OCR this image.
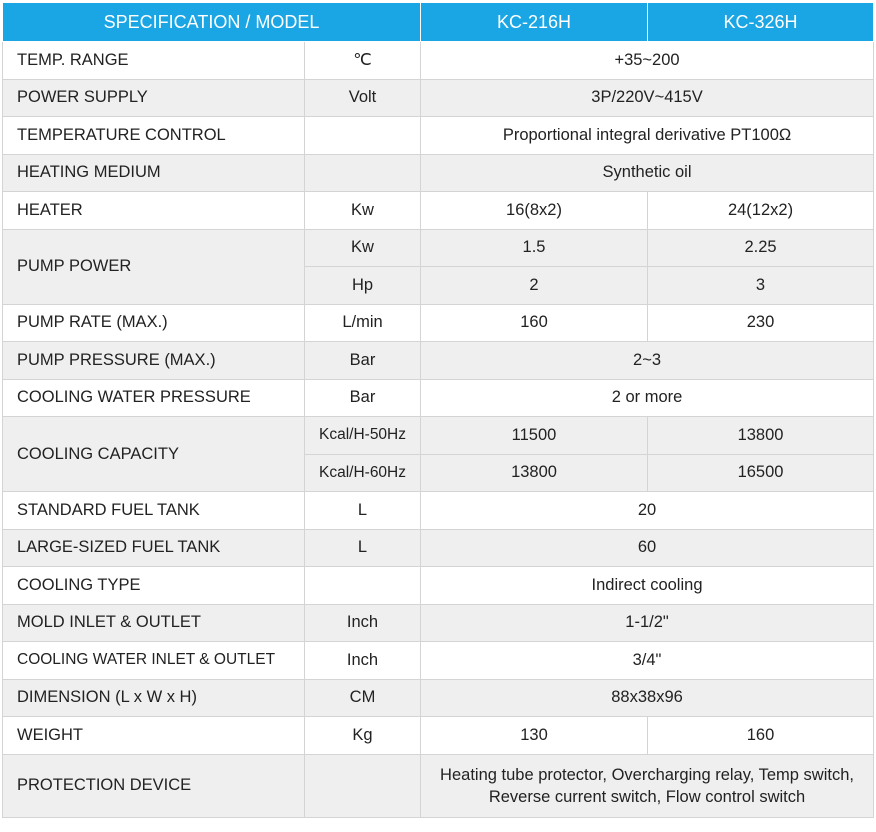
SPECIFICATION / MODEL		KC-216H	KC-326H
TEMP. RANGE	℃	+35~200	
POWER SUPPLY	Volt	3P/220V~415V	
TEMPERATURE CONTROL		Proportional integral derivative PT100Ω	
HEATING MEDIUM		Synthetic oil	
HEATER	Kw	16(8x2)	24(12x2)
PUMP POWER	Kw	1.5	2.25
	Hp	2	3
PUMP RATE (MAX.)	L/min	160	230
PUMP PRESSURE (MAX.)	Bar	2~3	
COOLING WATER PRESSURE	Bar	2 or more	
COOLING CAPACITY	Kcal/H-50Hz	11500	13800
	Kcal/H-60Hz	13800	16500
STANDARD FUEL TANK	L	20	
LARGE-SIZED FUEL TANK	L	60	
COOLING TYPE		Indirect cooling	
MOLD INLET & OUTLET	Inch	1-1/2"	
COOLING WATER INLET & OUTLET	Inch	3/4"	
DIMENSION (L x W x H)	CM	88x38x96	
WEIGHT	Kg	130	160
PROTECTION DEVICE		Heating tube protector, Overcharging relay, Temp switch, Reverse current switch, Flow control switch	
